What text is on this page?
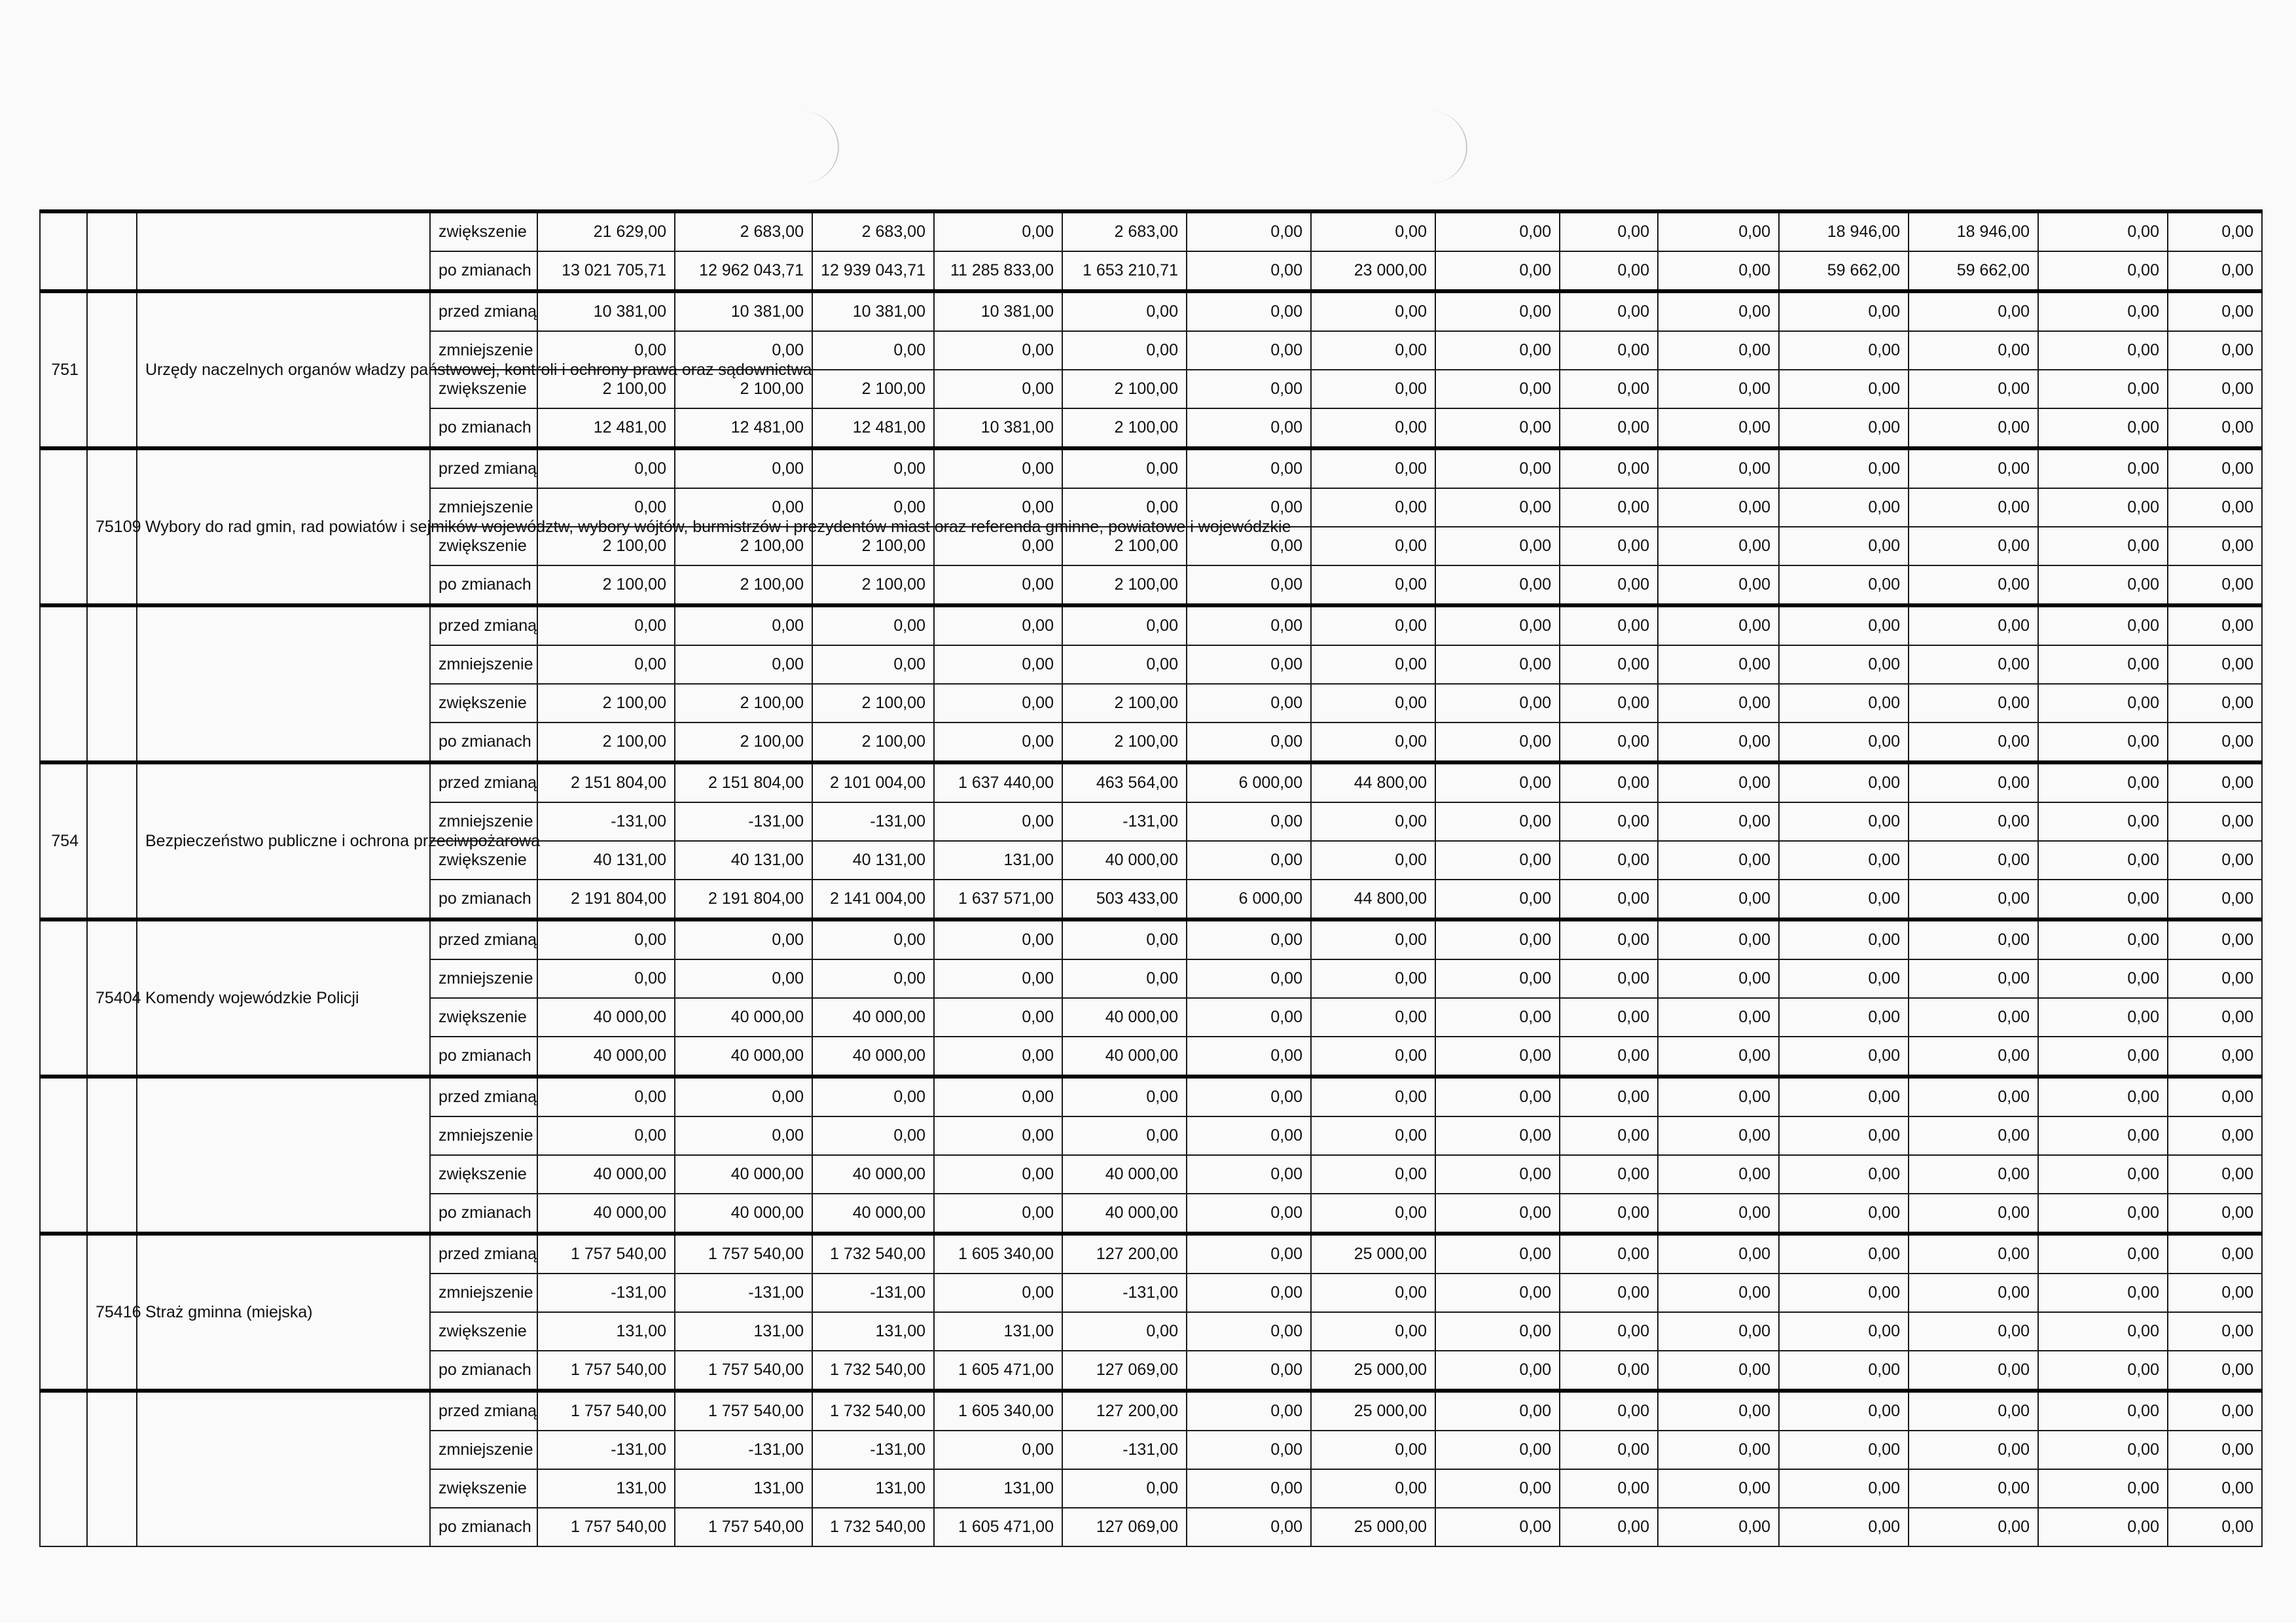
			zwiększenie	21 629,00	2 683,00	2 683,00	0,00	2 683,00	0,00	0,00	0,00	0,00	0,00	18 946,00	18 946,00	0,00	0,00
			po zmianach	13 021 705,71	12 962 043,71	12 939 043,71	11 285 833,00	1 653 210,71	0,00	23 000,00	0,00	0,00	0,00	59 662,00	59 662,00	0,00	0,00
751		Urzędy naczelnych organów władzy państwowej, kontroli i ochrony prawa oraz sądownictwa	przed zmianą	10 381,00	10 381,00	10 381,00	10 381,00	0,00	0,00	0,00	0,00	0,00	0,00	0,00	0,00	0,00	0,00
			zmniejszenie	0,00	0,00	0,00	0,00	0,00	0,00	0,00	0,00	0,00	0,00	0,00	0,00	0,00	0,00
			zwiększenie	2 100,00	2 100,00	2 100,00	0,00	2 100,00	0,00	0,00	0,00	0,00	0,00	0,00	0,00	0,00	0,00
			po zmianach	12 481,00	12 481,00	12 481,00	10 381,00	2 100,00	0,00	0,00	0,00	0,00	0,00	0,00	0,00	0,00	0,00
	75109	Wybory do rad gmin, rad powiatów i sejmików województw, wybory wójtów, burmistrzów i prezydentów miast oraz referenda gminne, powiatowe i wojewódzkie	przed zmianą	0,00	0,00	0,00	0,00	0,00	0,00	0,00	0,00	0,00	0,00	0,00	0,00	0,00	0,00
			zmniejszenie	0,00	0,00	0,00	0,00	0,00	0,00	0,00	0,00	0,00	0,00	0,00	0,00	0,00	0,00
			zwiększenie	2 100,00	2 100,00	2 100,00	0,00	2 100,00	0,00	0,00	0,00	0,00	0,00	0,00	0,00	0,00	0,00
			po zmianach	2 100,00	2 100,00	2 100,00	0,00	2 100,00	0,00	0,00	0,00	0,00	0,00	0,00	0,00	0,00	0,00
			przed zmianą	0,00	0,00	0,00	0,00	0,00	0,00	0,00	0,00	0,00	0,00	0,00	0,00	0,00	0,00
			zmniejszenie	0,00	0,00	0,00	0,00	0,00	0,00	0,00	0,00	0,00	0,00	0,00	0,00	0,00	0,00
			zwiększenie	2 100,00	2 100,00	2 100,00	0,00	2 100,00	0,00	0,00	0,00	0,00	0,00	0,00	0,00	0,00	0,00
			po zmianach	2 100,00	2 100,00	2 100,00	0,00	2 100,00	0,00	0,00	0,00	0,00	0,00	0,00	0,00	0,00	0,00
754		Bezpieczeństwo publiczne i ochrona przeciwpożarowa	przed zmianą	2 151 804,00	2 151 804,00	2 101 004,00	1 637 440,00	463 564,00	6 000,00	44 800,00	0,00	0,00	0,00	0,00	0,00	0,00	0,00
			zmniejszenie	-131,00	-131,00	-131,00	0,00	-131,00	0,00	0,00	0,00	0,00	0,00	0,00	0,00	0,00	0,00
			zwiększenie	40 131,00	40 131,00	40 131,00	131,00	40 000,00	0,00	0,00	0,00	0,00	0,00	0,00	0,00	0,00	0,00
			po zmianach	2 191 804,00	2 191 804,00	2 141 004,00	1 637 571,00	503 433,00	6 000,00	44 800,00	0,00	0,00	0,00	0,00	0,00	0,00	0,00
	75404	Komendy wojewódzkie Policji	przed zmianą	0,00	0,00	0,00	0,00	0,00	0,00	0,00	0,00	0,00	0,00	0,00	0,00	0,00	0,00
			zmniejszenie	0,00	0,00	0,00	0,00	0,00	0,00	0,00	0,00	0,00	0,00	0,00	0,00	0,00	0,00
			zwiększenie	40 000,00	40 000,00	40 000,00	0,00	40 000,00	0,00	0,00	0,00	0,00	0,00	0,00	0,00	0,00	0,00
			po zmianach	40 000,00	40 000,00	40 000,00	0,00	40 000,00	0,00	0,00	0,00	0,00	0,00	0,00	0,00	0,00	0,00
			przed zmianą	0,00	0,00	0,00	0,00	0,00	0,00	0,00	0,00	0,00	0,00	0,00	0,00	0,00	0,00
			zmniejszenie	0,00	0,00	0,00	0,00	0,00	0,00	0,00	0,00	0,00	0,00	0,00	0,00	0,00	0,00
			zwiększenie	40 000,00	40 000,00	40 000,00	0,00	40 000,00	0,00	0,00	0,00	0,00	0,00	0,00	0,00	0,00	0,00
			po zmianach	40 000,00	40 000,00	40 000,00	0,00	40 000,00	0,00	0,00	0,00	0,00	0,00	0,00	0,00	0,00	0,00
	75416	Straż gminna (miejska)	przed zmianą	1 757 540,00	1 757 540,00	1 732 540,00	1 605 340,00	127 200,00	0,00	25 000,00	0,00	0,00	0,00	0,00	0,00	0,00	0,00
			zmniejszenie	-131,00	-131,00	-131,00	0,00	-131,00	0,00	0,00	0,00	0,00	0,00	0,00	0,00	0,00	0,00
			zwiększenie	131,00	131,00	131,00	131,00	0,00	0,00	0,00	0,00	0,00	0,00	0,00	0,00	0,00	0,00
			po zmianach	1 757 540,00	1 757 540,00	1 732 540,00	1 605 471,00	127 069,00	0,00	25 000,00	0,00	0,00	0,00	0,00	0,00	0,00	0,00
			przed zmianą	1 757 540,00	1 757 540,00	1 732 540,00	1 605 340,00	127 200,00	0,00	25 000,00	0,00	0,00	0,00	0,00	0,00	0,00	0,00
			zmniejszenie	-131,00	-131,00	-131,00	0,00	-131,00	0,00	0,00	0,00	0,00	0,00	0,00	0,00	0,00	0,00
			zwiększenie	131,00	131,00	131,00	131,00	0,00	0,00	0,00	0,00	0,00	0,00	0,00	0,00	0,00	0,00
			po zmianach	1 757 540,00	1 757 540,00	1 732 540,00	1 605 471,00	127 069,00	0,00	25 000,00	0,00	0,00	0,00	0,00	0,00	0,00	0,00
